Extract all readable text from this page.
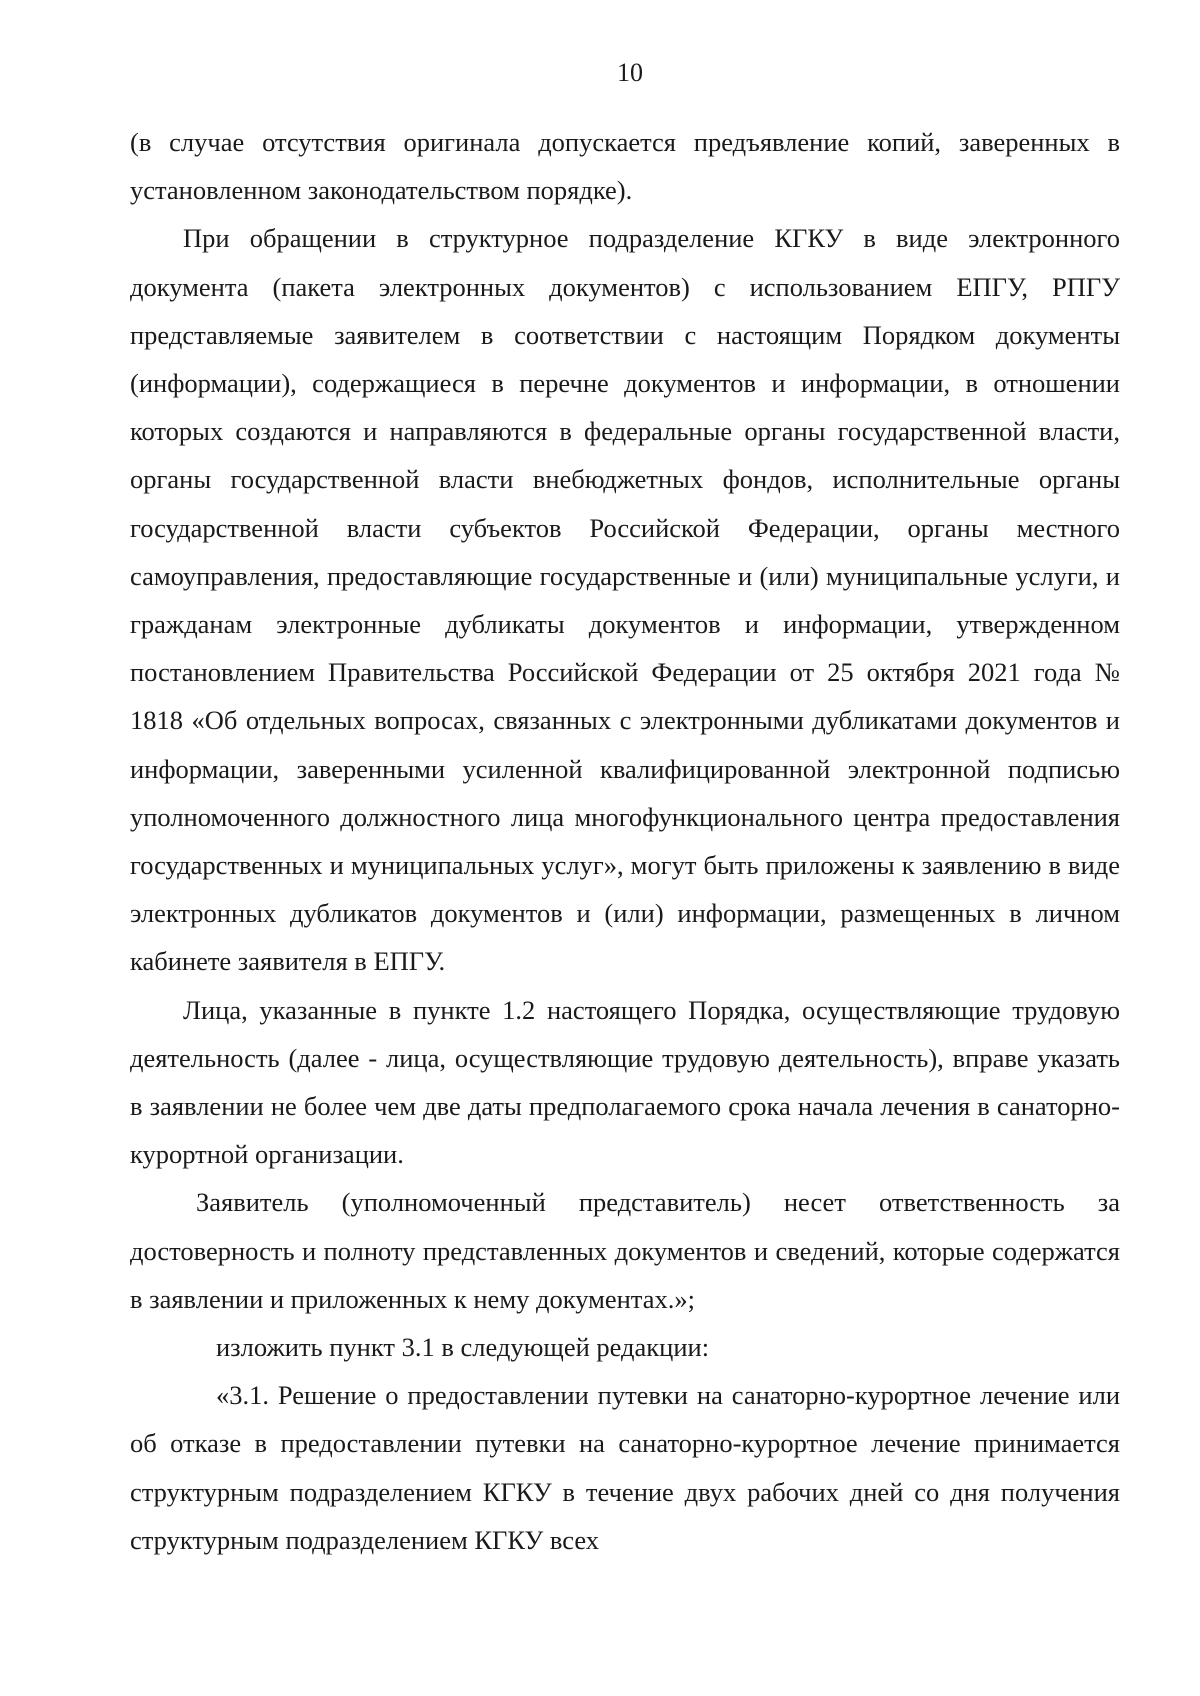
10

(в случае отсутствия оригинала допускается предъявление копий, заверенных в установленном законодательством порядке).

При обращении в структурное подразделение КГКУ в виде электронного документа (пакета электронных документов) с использованием ЕПГУ, РПГУ представляемые заявителем в соответствии с настоящим Порядком документы (информации), содержащиеся в перечне документов и информации, в отношении которых создаются и направляются в федеральные органы государственной власти, органы государственной власти внебюджетных фондов, исполнительные органы государственной власти субъектов Российской Федерации, органы местного самоуправления, предоставляющие государственные и (или) муниципальные услуги, и гражданам электронные дубликаты документов и информации, утвержденном постановлением Правительства Российской Федерации от 25 октября 2021 года № 1818 «Об отдельных вопросах, связанных с электронными дубликатами документов и информации, заверенными усиленной квалифицированной электронной подписью уполномоченного должностного лица многофункционального центра предоставления государственных и муниципальных услуг», могут быть приложены к заявлению в виде электронных дубликатов документов и (или) информации, размещенных в личном кабинете заявителя в ЕПГУ.

Лица, указанные в пункте 1.2 настоящего Порядка, осуществляющие трудовую деятельность (далее - лица, осуществляющие трудовую деятельность), вправе указать в заявлении не более чем две даты предполагаемого срока начала лечения в санаторно-курортной организации.

Заявитель (уполномоченный представитель) несет ответственность за достоверность и полноту представленных документов и сведений, которые содержатся в заявлении и приложенных к нему документах.»;

изложить пункт 3.1 в следующей редакции:

«3.1. Решение о предоставлении путевки на санаторно-курортное лечение или об отказе в предоставлении путевки на санаторно-курортное лечение принимается структурным подразделением КГКУ в течение двух рабочих дней со дня получения структурным подразделением КГКУ всех
